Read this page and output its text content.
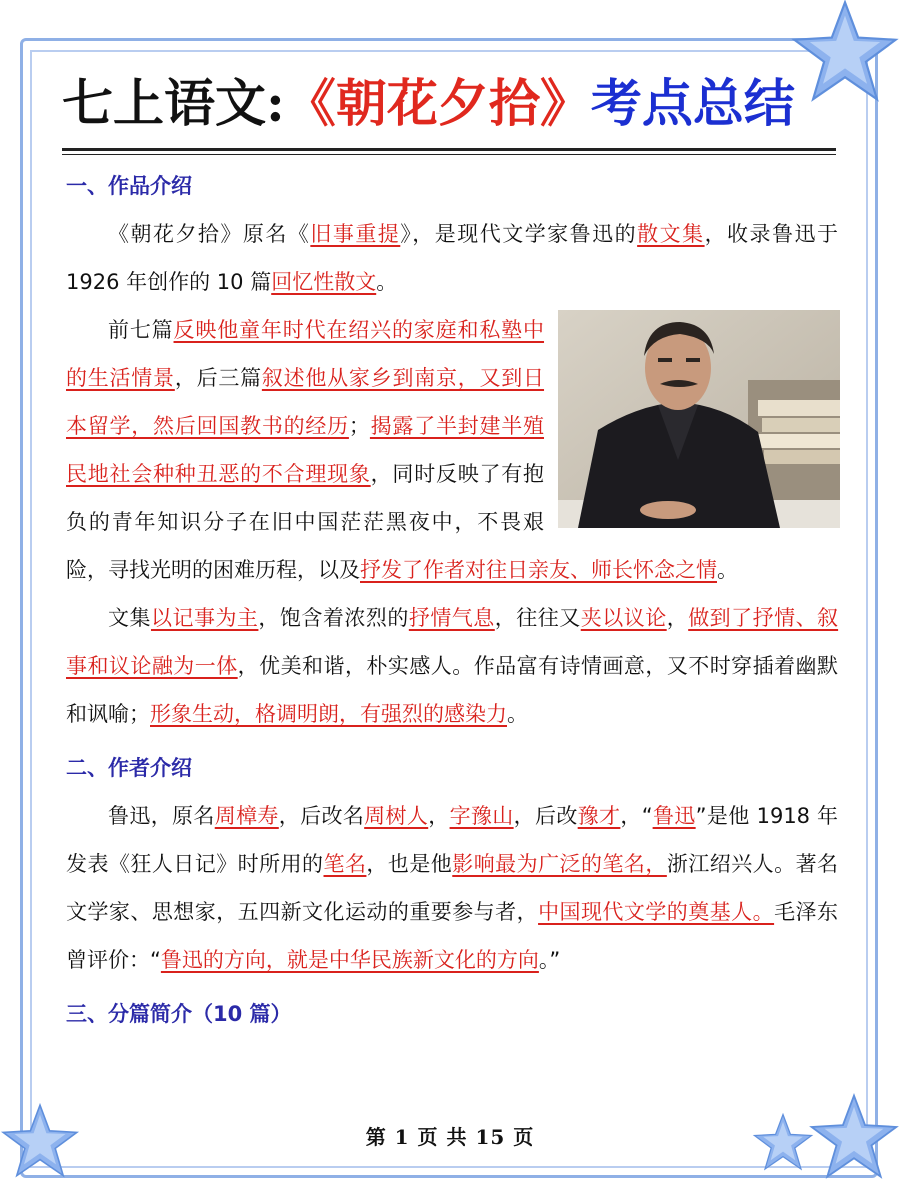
七上语文:《朝花夕拾》考点总结

一、作品介绍

《朝花夕拾》原名《旧事重提》，是现代文学家鲁迅的散文集，收录鲁迅于 1926 年创作的 10 篇回忆性散文。

前七篇反映他童年时代在绍兴的家庭和私塾中的生活情景，后三篇叙述他从家乡到南京，又到日本留学，然后回国教书的经历；揭露了半封建半殖民地社会种种丑恶的不合理现象，同时反映了有抱负的青年知识分子在旧中国茫茫黑夜中，不畏艰险，寻找光明的困难历程，以及抒发了作者对往日亲友、师长怀念之情。

文集以记事为主，饱含着浓烈的抒情气息，往往又夹以议论，做到了抒情、叙事和议论融为一体，优美和谐，朴实感人。作品富有诗情画意，又不时穿插着幽默和讽喻；形象生动，格调明朗，有强烈的感染力。

二、作者介绍

鲁迅，原名周樟寿，后改名周树人，字豫山，后改豫才，“鲁迅”是他 1918 年发表《狂人日记》时所用的笔名，也是他影响最为广泛的笔名，浙江绍兴人。著名文学家、思想家，五四新文化运动的重要参与者，中国现代文学的奠基人。毛泽东曾评价：“鲁迅的方向，就是中华民族新文化的方向。”

三、分篇简介（10 篇）

第 1 页 共 15 页
